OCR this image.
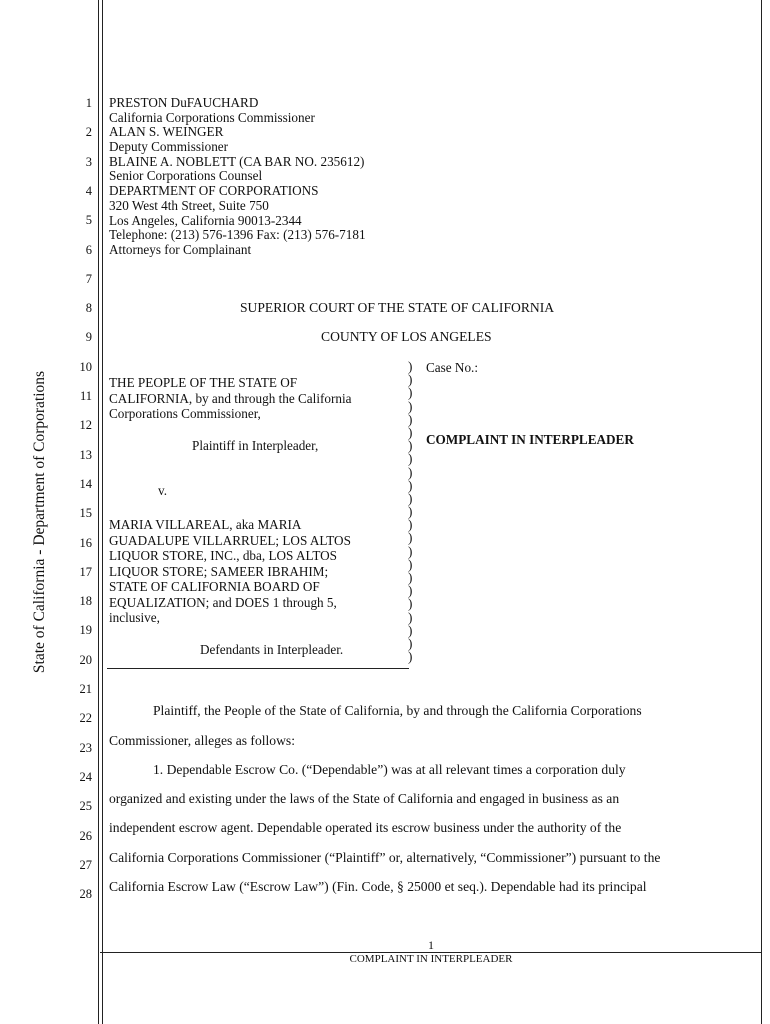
State of California - Department of Corporations
1
2
3
4
5
6
7
8
9
10
11
12
13
14
15
16
17
18
19
20
21
22
23
24
25
26
27
28
PRESTON DuFAUCHARD
California Corporations Commissioner
ALAN S. WEINGER
Deputy Commissioner
BLAINE A. NOBLETT (CA BAR NO. 235612)
Senior Corporations Counsel
DEPARTMENT OF CORPORATIONS
320 West 4th Street, Suite 750
Los Angeles, California 90013-2344
Telephone: (213) 576-1396 Fax: (213) 576-7181
Attorneys for Complainant
SUPERIOR COURT OF THE STATE OF CALIFORNIA
COUNTY OF LOS ANGELES
THE PEOPLE OF THE STATE OF
CALIFORNIA, by and through the California
Corporations Commissioner,
Plaintiff in Interpleader,
v.
MARIA VILLAREAL, aka MARIA
GUADALUPE VILLARRUEL; LOS ALTOS
LIQUOR STORE, INC., dba, LOS ALTOS
LIQUOR STORE; SAMEER IBRAHIM;
STATE OF CALIFORNIA BOARD OF
EQUALIZATION; and DOES 1 through 5,
inclusive,
Defendants in Interpleader.
)
)
)
)
)
)
)
)
)
)
)
)
)
)
)
)
)
)
)
)
)
)
)
Case No.:
COMPLAINT IN INTERPLEADER
Plaintiff, the People of the State of California, by and through the California Corporations
Commissioner, alleges as follows:
1. Dependable Escrow Co. (“Dependable”) was at all relevant times a corporation duly
organized and existing under the laws of the State of California and engaged in business as an
independent escrow agent. Dependable operated its escrow business under the authority of the
California Corporations Commissioner (“Plaintiff” or, alternatively, “Commissioner”) pursuant to the
California Escrow Law (“Escrow Law”) (Fin. Code, § 25000 et seq.). Dependable had its principal
1
COMPLAINT IN INTERPLEADER
